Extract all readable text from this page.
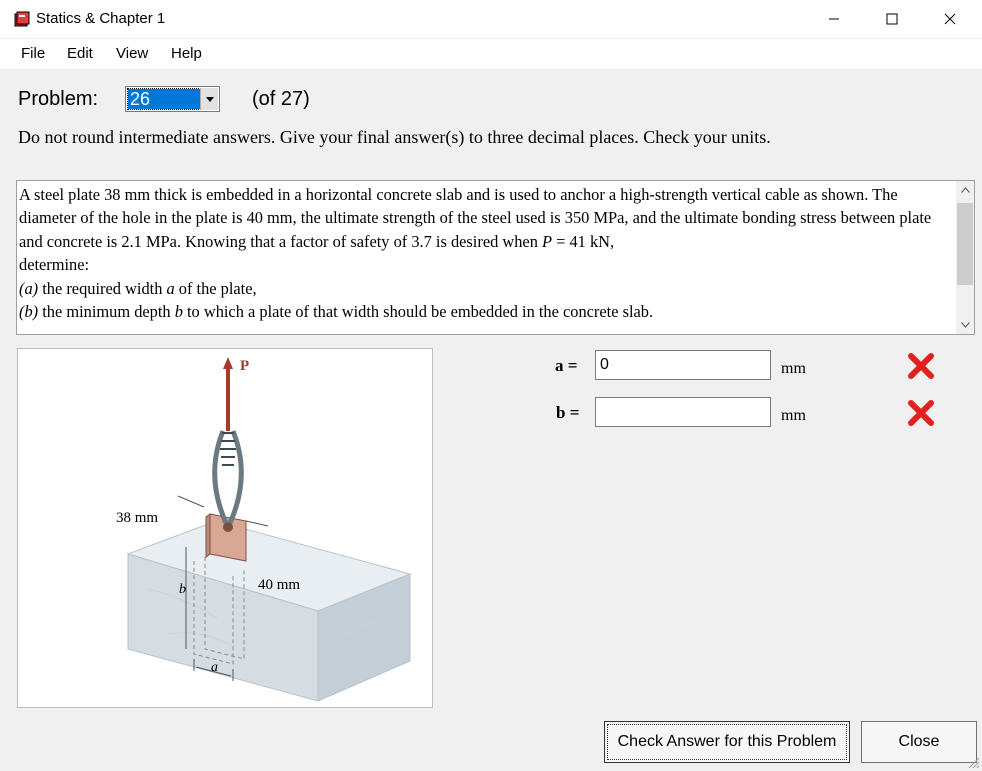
Statics & Chapter 1
File Edit View Help
Problem: 26	(of 27)
Do not round intermediate answers. Give your final answer(s) to three decimal places. Check your units.

A steel plate 38 mm thick is embedded in a horizontal concrete slab and is used to anchor a high-strength vertical cable as shown. The diameter of the hole in the plate is 40 mm, the ultimate strength of the steel used is 350 MPa, and the ultimate bonding stress between plate and concrete is 2.1 MPa. Knowing that a factor of safety of 3.7 is desired when P = 41 kN,

determine:

(a) the required width a of the plate,

(b) the minimum depth b to which a plate of that width should be embedded in the concrete slab.

P
38 mm
40 mm
b
a
a =
0	mm
b =	mm
Check Answer for this Problem	Close
